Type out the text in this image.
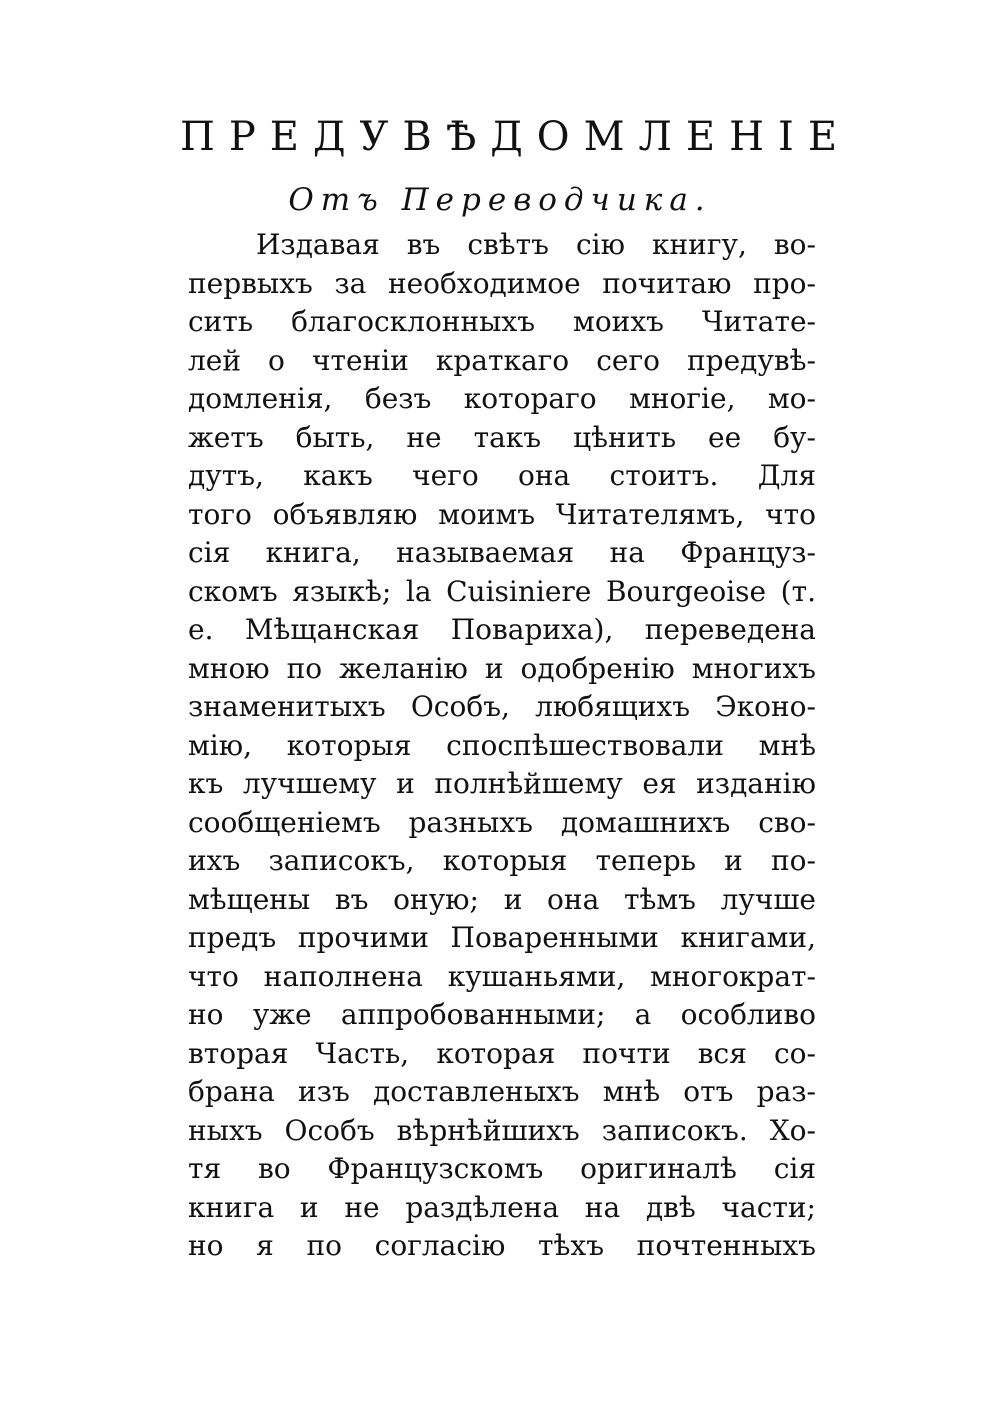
ПРЕДУВѢДОМЛЕНІЕ
Отъ Переводчика.
Издавая въ свѣтъ сію книгу, во-
первыхъ за необходимое почитаю про-
сить благосклонныхъ моихъ Читате-
лей о чтеніи краткаго сего предувѣ-
домленія, безъ котораго многіе, мо-
жетъ быть, не такъ цѣнить ее бу-
дутъ, какъ чего она стоитъ. Для
того объявляю моимъ Читателямъ, что
сія книга, называемая на Француз-
скомъ языкѣ; la Cuisiniere Bourgeoise (т.
е. Мѣщанская Повариха), переведена
мною по желанію и одобренію многихъ
знаменитыхъ Особъ, любящихъ Эконо-
мію, которыя споспѣшествовали мнѣ
къ лучшему и полнѣйшему ея изданію
сообщеніемъ разныхъ домашнихъ сво-
ихъ записокъ, которыя теперь и по-
мѣщены въ оную; и она тѣмъ лучше
предъ прочими Поваренными книгами,
что наполнена кушаньями, многократ-
но уже аппробованными; а особливо
вторая Часть, которая почти вся со-
брана изъ доставленыхъ мнѣ отъ раз-
ныхъ Особъ вѣрнѣйшихъ записокъ. Хо-
тя во Французскомъ оригиналѣ сія
книга и не раздѣлена на двѣ части;
но я по согласію тѣхъ почтенныхъ
